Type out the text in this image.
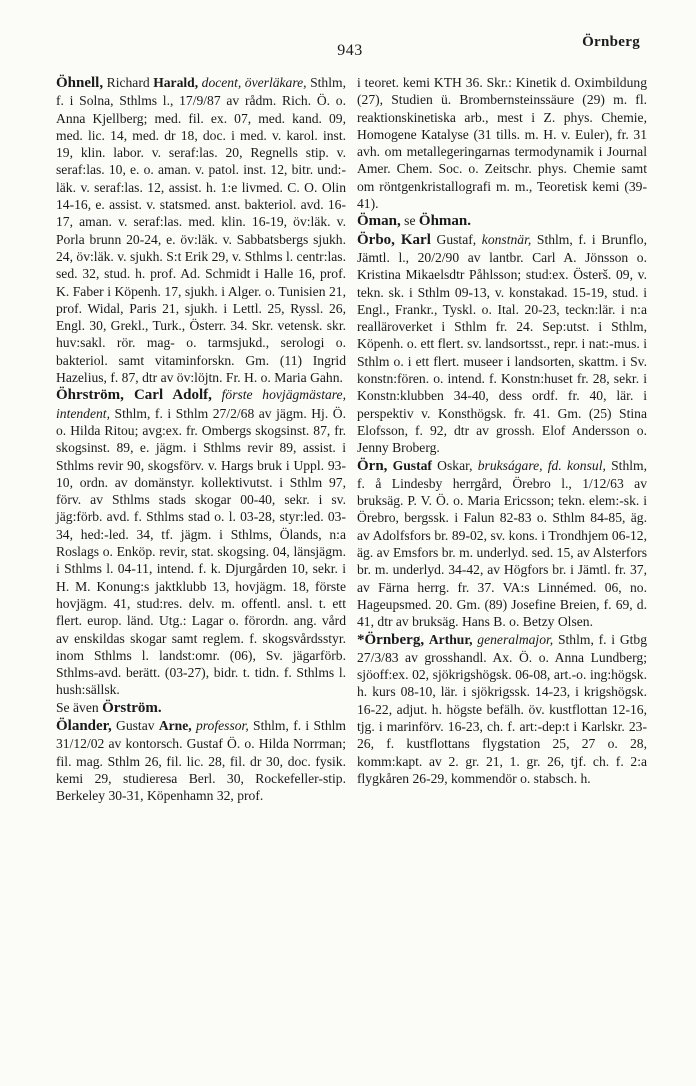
943	Örnberg

Öhnell, Richard Harald, docent, överläkare, Sthlm, f. i Solna, Sthlms l., 17/9/87 av rådm. Rich. Ö. o. Anna Kjellberg; med. fil. ex. 07, med. kand. 09, med. lic. 14, med. dr 18, doc. i med. v. karol. inst. 19, klin. labor. v. seraf:las. 20, Regnells stip. v. seraf:las. 10, e. o. aman. v. patol. inst. 12, bitr. und:-läk. v. seraf:las. 12, assist. h. 1:e livmed. C. O. Olin 14-16, e. assist. v. statsmed. anst. bakteriol. avd. 16-17, aman. v. seraf:las. med. klin. 16-19, öv:läk. v. Porla brunn 20-24, e. öv:läk. v. Sabbatsbergs sjukh. 24, öv:läk. v. sjukh. S:t Erik 29, v. Sthlms l. centr:las. sed. 32, stud. h. prof. Ad. Schmidt i Halle 16, prof. K. Faber i Köpenh. 17, sjukh. i Alger. o. Tunisien 21, prof. Widal, Paris 21, sjukh. i Lettl. 25, Ryssl. 26, Engl. 30, Grekl., Turk., Österr. 34. Skr. vetensk. skr. huv:sakl. rör. mag- o. tarmsjukd., serologi o. bakteriol. samt vitaminforskn. Gm. (11) Ingrid Hazelius, f. 87, dtr av öv:löjtn. Fr. H. o. Maria Gahn.

Öhrström, Carl Adolf, förste hovjägmästare, intendent, Sthlm, f. i Sthlm 27/2/68 av jägm. Hj. Ö. o. Hilda Ritou; avg:ex. fr. Ombergs skogsinst. 87, fr. skogsinst. 89, e. jägm. i Sthlms revir 89, assist. i Sthlms revir 90, skogsförv. v. Hargs bruk i Uppl. 93-10, ordn. av domänstyr. kollektivutst. i Sthlm 97, förv. av Sthlms stads skogar 00-40, sekr. i sv. jäg:förb. avd. f. Sthlms stad o. l. 03-28, styr:led. 03-34, hed:-led. 34, tf. jägm. i Sthlms, Ölands, n:a Roslags o. Enköp. revir, stat. skogsing. 04, länsjägm. i Sthlms l. 04-11, intend. f. k. Djurgården 10, sekr. i H. M. Konung:s jaktklubb 13, hovjägm. 18, förste hovjägm. 41, stud:res. delv. m. offentl. ansl. t. ett flert. europ. länd. Utg.: Lagar o. förordn. ang. vård av enskildas skogar samt reglem. f. skogsvårdsstyr. inom Sthlms l. landst:omr. (06), Sv. jägarförb. Sthlms-avd. berätt. (03-27), bidr. t. tidn. f. Sthlms l. hush:sällsk.

Se även Örström.

Ölander, Gustav Arne, professor, Sthlm, f. i Sthlm 31/12/02 av kontorsch. Gustaf Ö. o. Hilda Norrman; fil. mag. Sthlm 26, fil. lic. 28, fil. dr 30, doc. fysik. kemi 29, studieresa Berl. 30, Rockefeller-stip. Berkeley 30-31, Köpenhamn 32, prof.

i teoret. kemi KTH 36. Skr.: Kinetik d. Oximbildung (27), Studien ü. Brombernsteinssäure (29) m. fl. reaktionskinetiska arb., mest i Z. phys. Chemie, Homogene Katalyse (31 tills. m. H. v. Euler), fr. 31 avh. om metallegeringarnas termodynamik i Journal Amer. Chem. Soc. o. Zeitschr. phys. Chemie samt om röntgenkristallografi m. m., Teoretisk kemi (39-41).

Öman, se Öhman.

Örbo, Karl Gustaf, konstnär, Sthlm, f. i Brunflo, Jämtl. l., 20/2/90 av lantbr. Carl A. Jönsson o. Kristina Mikaelsdtr Påhlsson; stud:ex. Österš. 09, v. tekn. sk. i Sthlm 09-13, v. konstakad. 15-19, stud. i Engl., Frankr., Tyskl. o. Ital. 20-23, teckn:lär. i n:a realläroverket i Sthlm fr. 24. Sep:utst. i Sthlm, Köpenh. o. ett flert. sv. landsortsst., repr. i nat:-mus. i Sthlm o. i ett flert. museer i landsorten, skattm. i Sv. konstn:fören. o. intend. f. Konstn:huset fr. 28, sekr. i Konstn:klubben 34-40, dess ordf. fr. 40, lär. i perspektiv v. Konsthögsk. fr. 41. Gm. (25) Stina Elofsson, f. 92, dtr av grossh. Elof Andersson o. Jenny Broberg.

Örn, Gustaf Oskar, brukságare, fd. konsul, Sthlm, f. å Lindesby herrgård, Örebro l., 1/12/63 av bruksäg. P. V. Ö. o. Maria Ericsson; tekn. elem:-sk. i Örebro, bergssk. i Falun 82-83 o. Sthlm 84-85, äg. av Adolfsfors br. 89-02, sv. kons. i Trondhjem 06-12, äg. av Emsfors br. m. underlyd. sed. 15, av Alsterfors br. m. underlyd. 34-42, av Högfors br. i Jämtl. fr. 37, av Färna herrg. fr. 37. VA:s Linnémed. 06, no. Hageupsmed. 20. Gm. (89) Josefine Breien, f. 69, d. 41, dtr av bruksäg. Hans B. o. Betzy Olsen.

*Örnberg, Arthur, generalmajor, Sthlm, f. i Gtbg 27/3/83 av grosshandl. Ax. Ö. o. Anna Lundberg; sjöoff:ex. 02, sjökrigshögsk. 06-08, art.-o. ing:högsk. h. kurs 08-10, lär. i sjökrigssk. 14-23, i krigshögsk. 16-22, adjut. h. högste befälh. öv. kustflottan 12-16, tjg. i marinförv. 16-23, ch. f. art:-dep:t i Karlskr. 23-26, f. kustflottans flygstation 25, 27 o. 28, komm:kapt. av 2. gr. 21, 1. gr. 26, tjf. ch. f. 2:a flygkåren 26-29, kommendör o. stabsch. h.
